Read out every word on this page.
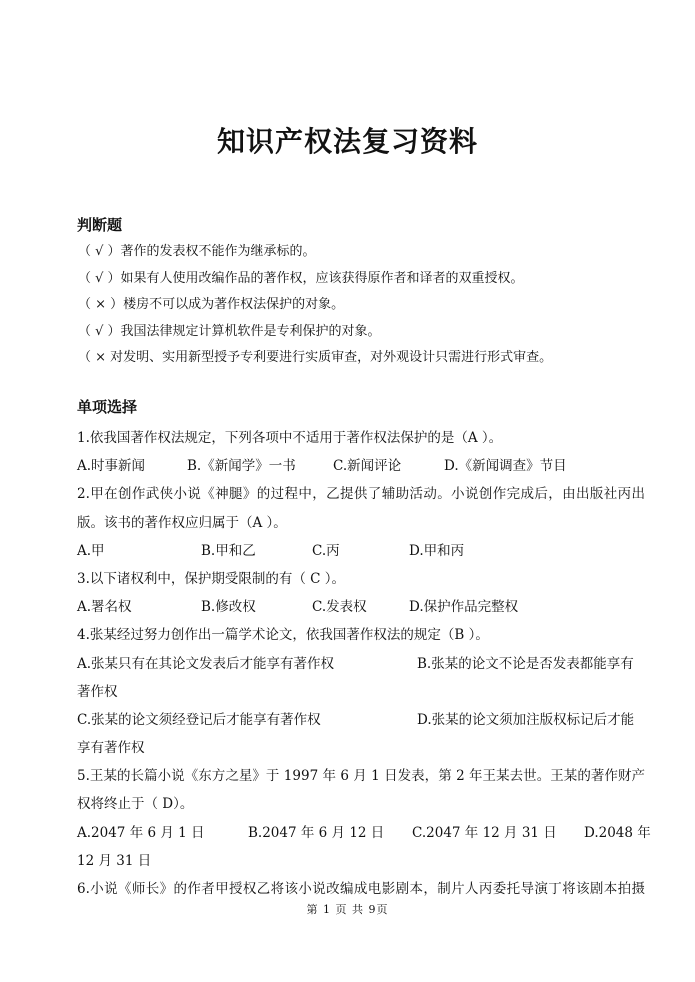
知识产权法复习资料
判断题
（ √ ）著作的发表权不能作为继承标的。
（ √ ）如果有人使用改编作品的著作权，应该获得原作者和译者的双重授权。
（ × ）楼房不可以成为著作权法保护的对象。
（ √ ）我国法律规定计算机软件是专利保护的对象。
（ × 对发明、实用新型授予专利要进行实质审查，对外观设计只需进行形式审查。
单项选择
1.依我国著作权法规定，下列各项中不适用于著作权法保护的是（A ）。
A.时事新闻	B.《新闻学》一书	C.新闻评论	D.《新闻调查》节目
2.甲在创作武侠小说《神腿》的过程中，乙提供了辅助活动。小说创作完成后，由出版社丙出
版。该书的著作权应归属于（A ）。
A.甲	B.甲和乙	C.丙	D.甲和丙
3.以下诸权利中，保护期受限制的有（ C ）。
A.署名权	B.修改权	C.发表权	D.保护作品完整权
4.张某经过努力创作出一篇学术论文，依我国著作权法的规定（B ）。
A.张某只有在其论文发表后才能享有著作权	B.张某的论文不论是否发表都能享有
著作权
C.张某的论文须经登记后才能享有著作权	D.张某的论文须加注版权标记后才能
享有著作权
5.王某的长篇小说《东方之星》于 1997 年 6 月 1 日发表，第 2 年王某去世。王某的著作财产
权将终止于（ D）。
A.2047 年 6 月 1 日	B.2047 年 6 月 12 日 C.2047 年 12 月 31 日 D.2048 年
12 月 31 日
6.小说《师长》的作者甲授权乙将该小说改编成电影剧本，制片人丙委托导演丁将该剧本拍摄
第 1 页 共 9页
